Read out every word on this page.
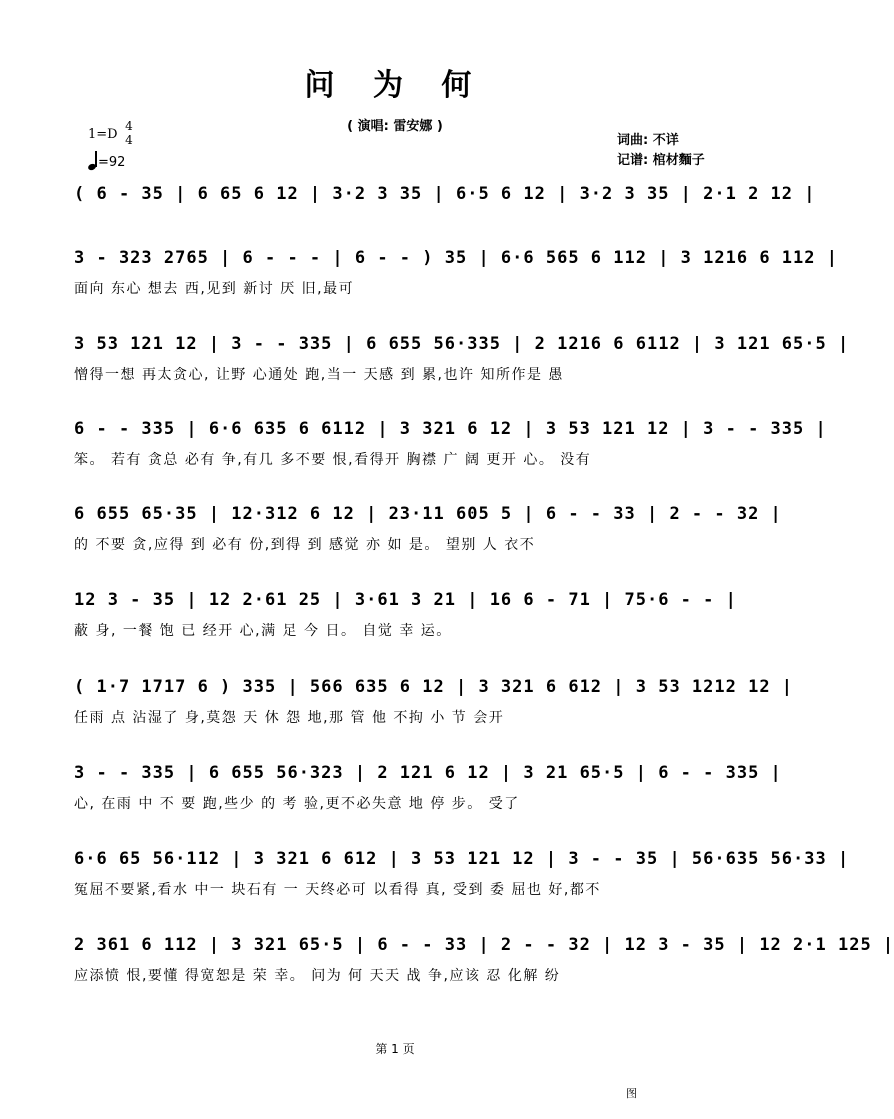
问 为 何
( 演唱: 雷安娜 )
1=D
4
4
=92
词曲: 不详
记谱: 棺材麵子
( 6 - 35 | 6 65 6 12 | 3·2 3 35 | 6·5 6 12 | 3·2 3 35 | 2·1 2 12 |
3 - 323 2765 | 6 - - - | 6 - - ) 35 | 6·6 565 6 112 | 3 1216 6 112 |
面向 东心 想去 西,见到 新讨 厌 旧,最可
3 53 121 12 | 3 - - 335 | 6 655 56·335 | 2 1216 6 6112 | 3 121 65·5 |
憎得一想 再太贪心, 让野 心通处 跑,当一 天感 到 累,也许 知所作是 愚
6 - - 335 | 6·6 635 6 6112 | 3 321 6 12 | 3 53 121 12 | 3 - - 335 |
笨。 若有 贪总 必有 争,有几 多不要 恨,看得开 胸襟 广 阔 更开 心。 没有
6 655 65·35 | 12·312 6 12 | 23·11 605 5 | 6 - - 33 | 2 - - 32 |
的 不要 贪,应得 到 必有 份,到得 到 感觉 亦 如 是。 望别 人 衣不
12 3 - 35 | 12 2·61 25 | 3·61 3 21 | 16 6 - 71 | 75·6 - - |
蔽 身, 一餐 饱 已 经开 心,满 足 今 日。 自觉 幸 运。
( 1·7 1717 6 ) 335 | 566 635 6 12 | 3 321 6 612 | 3 53 1212 12 |
任雨 点 沾湿了 身,莫怨 天 休 怨 地,那 管 他 不拘 小 节 会开
3 - - 335 | 6 655 56·323 | 2 121 6 12 | 3 21 65·5 | 6 - - 335 |
心, 在雨 中 不 要 跑,些少 的 考 验,更不必失意 地 停 步。 受了
6·6 65 56·112 | 3 321 6 612 | 3 53 121 12 | 3 - - 35 | 56·635 56·33 |
冤屈不要紧,看水 中一 块石有 一 天终必可 以看得 真, 受到 委 屈也 好,都不
2 361 6 112 | 3 321 65·5 | 6 - - 33 | 2 - - 32 | 12 3 - 35 | 12 2·1 125 |
应添愤 恨,要懂 得宽恕是 荣 幸。 问为 何 天天 战 争,应该 忍 化解 纷
第 1 页
图
